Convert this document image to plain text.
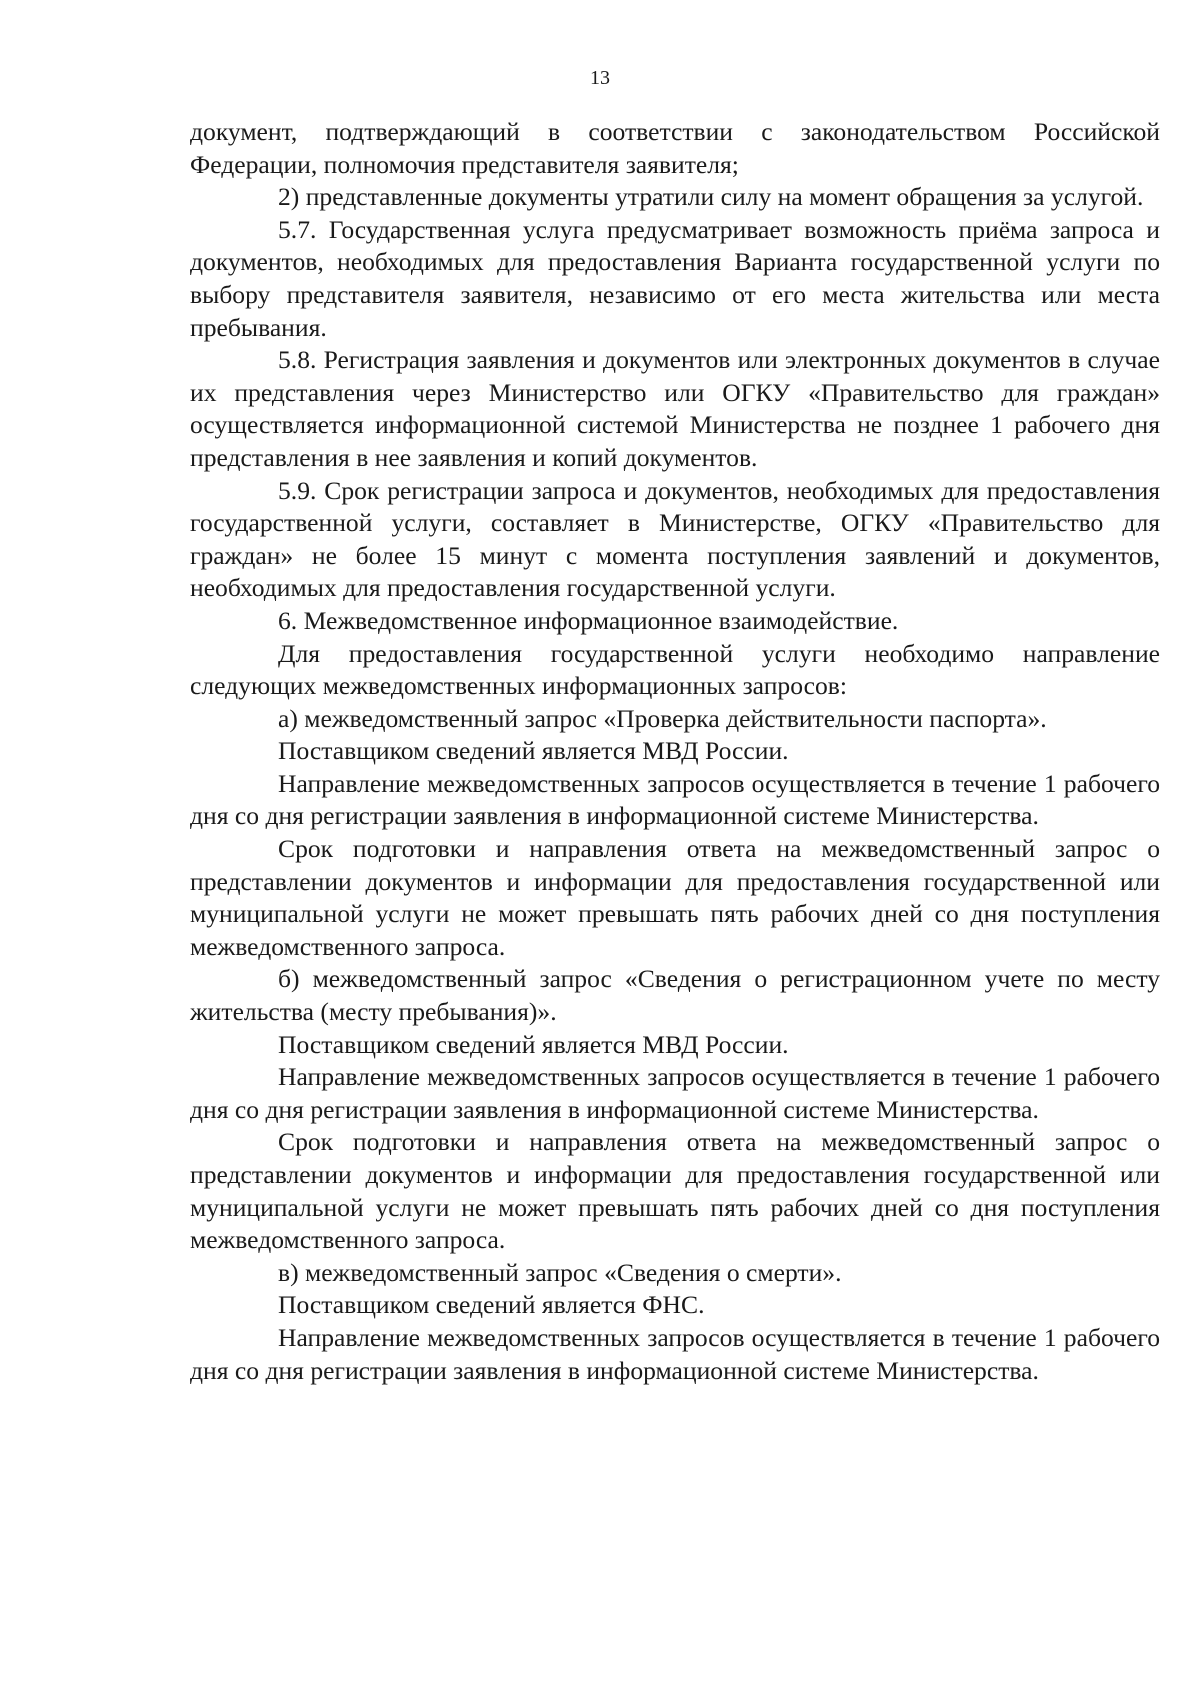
13

документ, подтверждающий в соответствии с законодательством Российской Федерации, полномочия представителя заявителя;

2) представленные документы утратили силу на момент обращения за услугой.

5.7. Государственная услуга предусматривает возможность приёма запроса и документов, необходимых для предоставления Варианта государственной услуги по выбору представителя заявителя, независимо от его места жительства или места пребывания.

5.8. Регистрация заявления и документов или электронных документов в случае их представления через Министерство или ОГКУ «Правительство для граждан» осуществляется информационной системой Министерства не позднее 1 рабочего дня представления в нее заявления и копий документов.

5.9. Срок регистрации запроса и документов, необходимых для предоставления государственной услуги, составляет в Министерстве, ОГКУ «Правительство для граждан» не более 15 минут с момента поступления заявлений и документов, необходимых для предоставления государственной услуги.

6. Межведомственное информационное взаимодействие.

Для предоставления государственной услуги необходимо направление следующих межведомственных информационных запросов:

а) межведомственный запрос «Проверка действительности паспорта».

Поставщиком сведений является МВД России.

Направление межведомственных запросов осуществляется в течение 1 рабочего дня со дня регистрации заявления в информационной системе Министерства.

Срок подготовки и направления ответа на межведомственный запрос о представлении документов и информации для предоставления государственной или муниципальной услуги не может превышать пять рабочих дней со дня поступления межведомственного запроса.

б) межведомственный запрос «Сведения о регистрационном учете по месту жительства (месту пребывания)».

Поставщиком сведений является МВД России.

Направление межведомственных запросов осуществляется в течение 1 рабочего дня со дня регистрации заявления в информационной системе Министерства.

Срок подготовки и направления ответа на межведомственный запрос о представлении документов и информации для предоставления государственной или муниципальной услуги не может превышать пять рабочих дней со дня поступления межведомственного запроса.

в) межведомственный запрос «Сведения о смерти».

Поставщиком сведений является ФНС.

Направление межведомственных запросов осуществляется в течение 1 рабочего дня со дня регистрации заявления в информационной системе Министерства.
